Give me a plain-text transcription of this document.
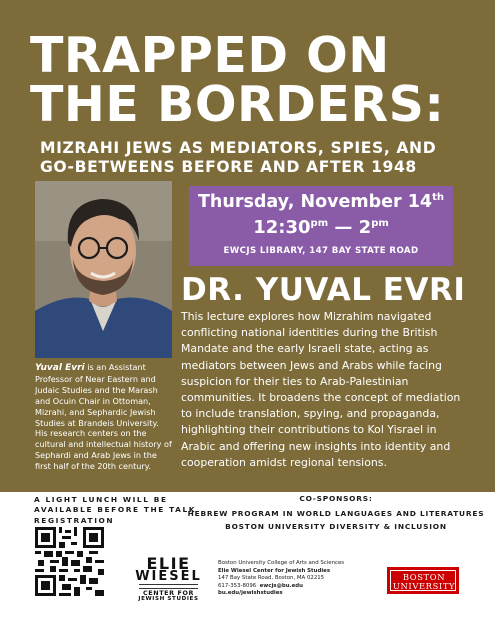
TRAPPED ON
THE BORDERS:
MIZRAHI JEWS AS MEDIATORS, SPIES, AND
GO-BETWEENS BEFORE AND AFTER 1948
Thursday, November 14th
$12:30^{pm}$ — $2^{pm}$
EWCJS LIBRARY, 147 BAY STATE ROAD
DR. YUVAL EVRI
This lecture explores how Mizrahim navigated conflicting national identities during the British Mandate and the early Israeli state, acting as mediators between Jews and Arabs while facing suspicion for their ties to Arab-Palestinian communities. It broadens the concept of mediation to include translation, spying, and propaganda, highlighting their contributions to Kol Yisrael in Arabic and offering new insights into identity and cooperation amidst regional tensions.
Yuval Evri is an Assistant Professor of Near Eastern and Judaic Studies and the Marash and Ocuin Chair in Ottoman, Mizrahi, and Sephardic Jewish Studies at Brandeis University. His research centers on the cultural and intellectual history of Sephardi and Arab Jews in the first half of the 20th century.
A LIGHT LUNCH WILL BE
AVAILABLE BEFORE THE TALK
REGISTRATION
CO-SPONSORS:
HEBREW PROGRAM IN WORLD LANGUAGES AND LITERATURES
BOSTON UNIVERSITY DIVERSITY & INCLUSION
ELIE
WIESEL
CENTER FOR
JEWISH STUDIES
Boston University College of Arts and Sciences
Elie Wiesel Center for Jewish Studies
147 Bay State Road, Boston, MA 02215
617-353-8096 ewcjs@bu.edu
bu.edu/jewishstudies
BOSTON
UNIVERSITY
